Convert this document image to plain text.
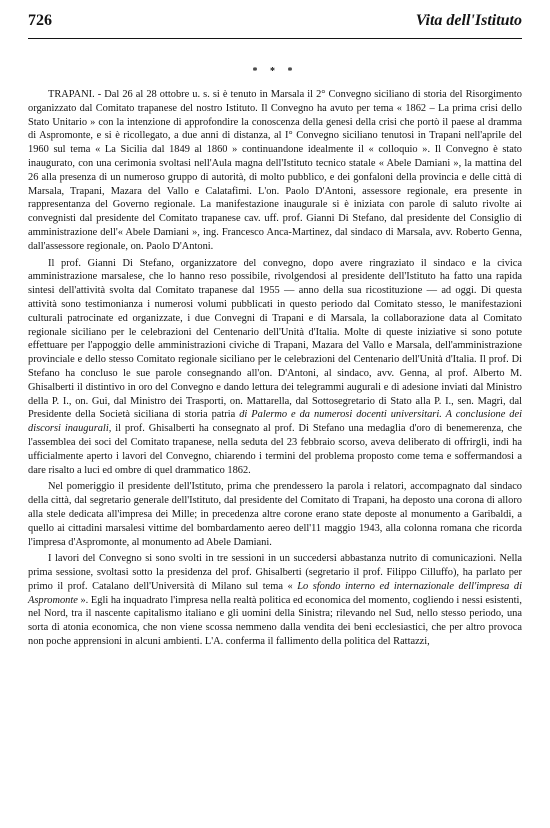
726	Vita dell'Istituto
* * *

TRAPANI. - Dal 26 al 28 ottobre u. s. si è tenuto in Marsala il 2° Convegno siciliano di storia del Risorgimento organizzato dal Comitato trapanese del nostro Istituto. Il Convegno ha avuto per tema « 1862 – La prima crisi dello Stato Unitario » con la intenzione di approfondire la conoscenza della genesi della crisi che portò il paese al dramma di Aspromonte, e si è ricollegato, a due anni di distanza, al I° Convegno siciliano tenutosi in Trapani nell'aprile del 1960 sul tema « La Sicilia dal 1849 al 1860 » continuandone idealmente il « colloquio ». Il Convegno è stato inaugurato, con una cerimonia svoltasi nell'Aula magna dell'Istituto tecnico statale « Abele Damiani », la mattina del 26 alla presenza di un numeroso gruppo di autorità, di molto pubblico, e dei gonfaloni della provincia e delle città di Marsala, Trapani, Mazara del Vallo e Calatafimi. L'on. Paolo D'Antoni, assessore regionale, era presente in rappresentanza del Governo regionale. La manifestazione inaugurale si è iniziata con parole di saluto rivolte ai convegnisti dal presidente del Comitato trapanese cav. uff. prof. Gianni Di Stefano, dal presidente del Consiglio di amministrazione dell'« Abele Damiani », ing. Francesco Anca-Martinez, dal sindaco di Marsala, avv. Roberto Genna, dall'assessore regionale, on. Paolo D'Antoni.

Il prof. Gianni Di Stefano, organizzatore del convegno, dopo avere ringraziato il sindaco e la civica amministrazione marsalese, che lo hanno reso possibile, rivolgendosi al presidente dell'Istituto ha fatto una rapida sintesi dell'attività svolta dal Comitato trapanese dal 1955 — anno della sua ricostituzione — ad oggi. Di questa attività sono testimonianza i numerosi volumi pubblicati in questo periodo dal Comitato stesso, le manifestazioni culturali patrocinate ed organizzate, i due Convegni di Trapani e di Marsala, la collaborazione data al Comitato regionale siciliano per le celebrazioni del Centenario dell'Unità d'Italia. Molte di queste iniziative si sono potute effettuare per l'appoggio delle amministrazioni civiche di Trapani, Mazara del Vallo e Marsala, dell'amministrazione provinciale e dello stesso Comitato regionale siciliano per le celebrazioni del Centenario dell'Unità d'Italia. Il prof. Di Stefano ha concluso le sue parole consegnando all'on. D'Antoni, al sindaco, avv. Genna, al prof. Alberto M. Ghisalberti il distintivo in oro del Convegno e dando lettura dei telegrammi augurali e di adesione inviati dal Ministro della P. I., on. Gui, dal Ministro dei Trasporti, on. Mattarella, dal Sottosegretario di Stato alla P. I., sen. Magrì, dal Presidente della Società siciliana di storia patria di Palermo e da numerosi docenti universitari. A conclusione dei discorsi inaugurali, il prof. Ghisalberti ha consegnato al prof. Di Stefano una medaglia d'oro di benemerenza, che l'assemblea dei soci del Comitato trapanese, nella seduta del 23 febbraio scorso, aveva deliberato di offrirgli, indi ha ufficialmente aperto i lavori del Convegno, chiarendo i termini del problema proposto come tema e soffermandosi a dare risalto a luci ed ombre di quel drammatico 1862.

Nel pomeriggio il presidente dell'Istituto, prima che prendessero la parola i relatori, accompagnato dal sindaco della città, dal segretario generale dell'Istituto, dal presidente del Comitato di Trapani, ha deposto una corona di alloro alla stele dedicata all'impresa dei Mille; in precedenza altre corone erano state deposte al monumento a Garibaldi, a quello ai cittadini marsalesi vittime del bombardamento aereo dell'11 maggio 1943, alla colonna romana che ricorda l'impresa d'Aspromonte, al monumento ad Abele Damiani.

I lavori del Convegno si sono svolti in tre sessioni in un succedersi abbastanza nutrito di comunicazioni. Nella prima sessione, svoltasi sotto la presidenza del prof. Ghisalberti (segretario il prof. Filippo Cilluffo), ha parlato per primo il prof. Catalano dell'Università di Milano sul tema « Lo sfondo interno ed internazionale dell'impresa di Aspromonte ». Egli ha inquadrato l'impresa nella realtà politica ed economica del momento, cogliendo i nessi esistenti, nel Nord, tra il nascente capitalismo italiano e gli uomini della Sinistra; rilevando nel Sud, nello stesso periodo, una sorta di atonia economica, che non viene scossa nemmeno dalla vendita dei beni ecclesiastici, che per altro provoca non poche apprensioni in alcuni ambienti. L'A. conferma il fallimento della politica del Rattazzi,
